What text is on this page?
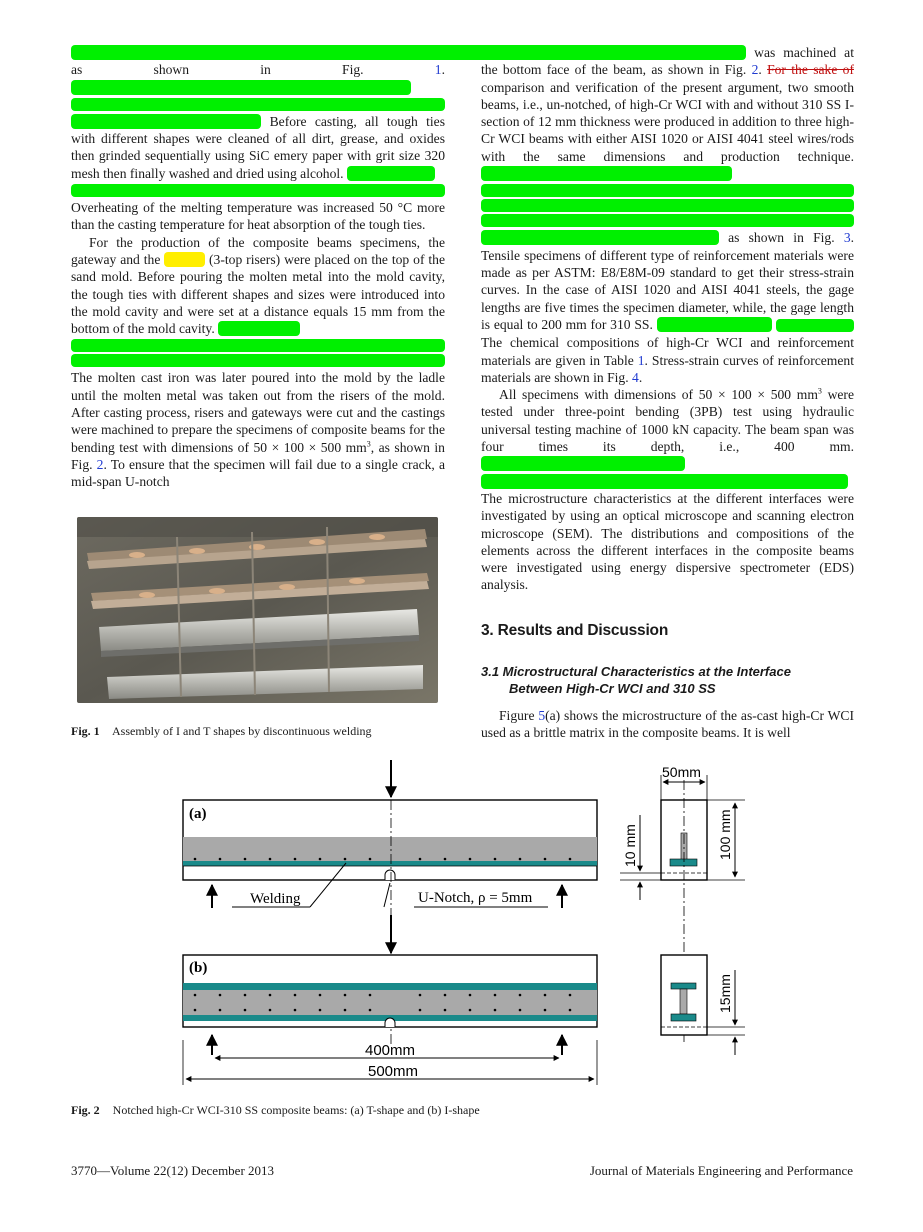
as	shown in Fig.	1.
Before casting, all tough ties with different shapes were cleaned of all dirt, grease, and oxides then grinded sequentially using SiC emery paper with grit size 320 mesh then finally washed and dried using alcohol.
Overheating of the melting temperature was increased 50 °C more than the casting temperature for heat absorption of the tough ties.

For the production of the composite beams specimens, the gateway and the	(3-top risers) were placed on the top of the sand mold. Before pouring the molten metal into the mold cavity, the tough ties with different shapes and sizes were introduced into the mold cavity and were set at a distance equals 15 mm from the bottom of the mold cavity.

The molten cast iron was later poured into the mold by the ladle until the molten metal was taken out from the risers of the mold. After casting process, risers and gateways were cut and the castings were machined to prepare the specimens of composite beams for the bending test with dimensions of 50 × 100 × 500 $mm^3$, as shown in Fig. 2. To ensure that the specimen will fail due to a single crack, a mid-span U-notch

Fig. 1 Assembly of I and T shapes by discontinuous welding

was machined at the bottom face of the beam, as shown in Fig. 2. For the sake of comparison and verification of the present argument, two smooth beams, i.e., un-notched, of high-Cr WCI with and without 310 SS I-section of 12 mm thickness were produced in addition to three high-Cr WCI beams with either AISI 1020 or AISI 4041 steel wires/rods with the same dimensions and production technique.
as shown in Fig. 3. Tensile specimens of different type of reinforcement materials were made as per ASTM: E8/E8M-09 standard to get their stress-strain curves. In the case of AISI 1020 and AISI 4041 steels, the gage lengths are five times the specimen diameter, while, the gage length is equal to 200 mm for 310 SS.  The chemical compositions of high-Cr WCI and reinforcement materials are given in Table 1. Stress-strain curves of reinforcement materials are shown in Fig. 4.

All specimens with dimensions of 50 × 100 × 500 $mm^3$ were tested under three-point bending (3PB) test using hydraulic universal testing machine of 1000 kN capacity. The beam span was four times its depth, i.e., 400 mm. The microstructure characteristics at the different interfaces were investigated by using an optical microscope and scanning electron microscope (SEM). The distributions and compositions of the elements across the different interfaces in the composite beams were investigated using energy dispersive spectrometer (EDS) analysis.

3. Results and Discussion
3.1 Microstructural Characteristics at the Interface
Between High-Cr WCI and 310 SS

Figure 5(a) shows the microstructure of the as-cast high-Cr WCI used as a brittle matrix in the composite beams. It is well

(a)
Welding	U-Notch, ρ = 5mm
(b)
400mm
500mm
50mm
100 mm
10 mm
15mm
Fig. 2 Notched high-Cr WCI-310 SS composite beams: (a) T-shape and (b) I-shape
3770—Volume 22(12) December 2013	Journal of Materials Engineering and Performance
